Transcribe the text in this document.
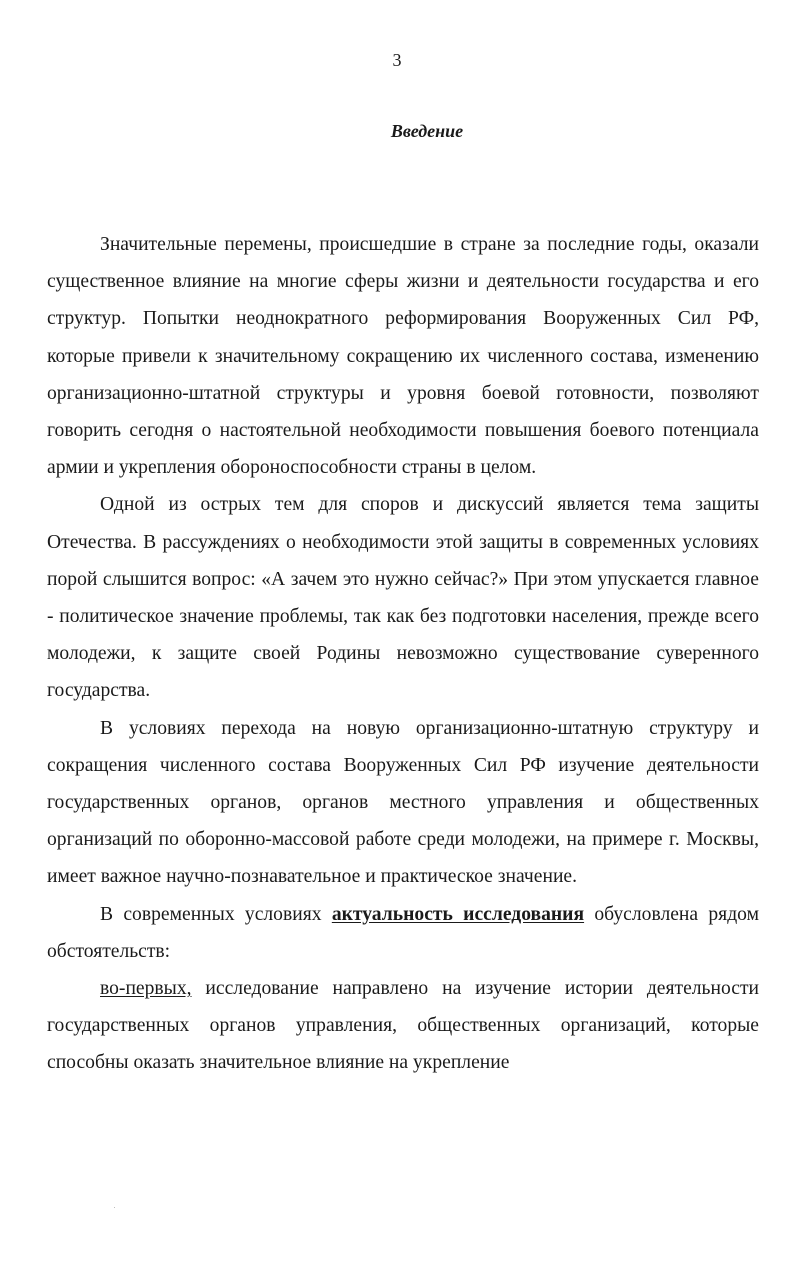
3
Введение

Значительные перемены, происшедшие в стране за последние годы, оказали существенное влияние на многие сферы жизни и деятельности государства и его структур. Попытки неоднократного реформирования Вооруженных Сил РФ, которые привели к значительному сокращению их численного состава, изменению организационно-штатной структуры и уровня боевой готовности, позволяют говорить сегодня о настоятельной необходимости повышения боевого потенциала армии и укрепления обороноспособности страны в целом.

Одной из острых тем для споров и дискуссий является тема защиты Отечества. В рассуждениях о необходимости этой защиты в современных условиях порой слышится вопрос: «А зачем это нужно сейчас?» При этом упускается главное - политическое значение проблемы, так как без подготовки населения, прежде всего молодежи, к защите своей Родины невозможно существование суверенного государства.

В условиях перехода на новую организационно-штатную структуру и сокращения численного состава Вооруженных Сил РФ изучение деятельности государственных органов, органов местного управления и общественных организаций по оборонно-массовой работе среди молодежи, на примере г. Москвы, имеет важное научно-познавательное и практическое значение.

В современных условиях актуальность исследования обусловлена рядом обстоятельств:

во-первых, исследование направлено на изучение истории деятельности государственных органов управления, общественных организаций, которые способны оказать значительное влияние на укрепление
